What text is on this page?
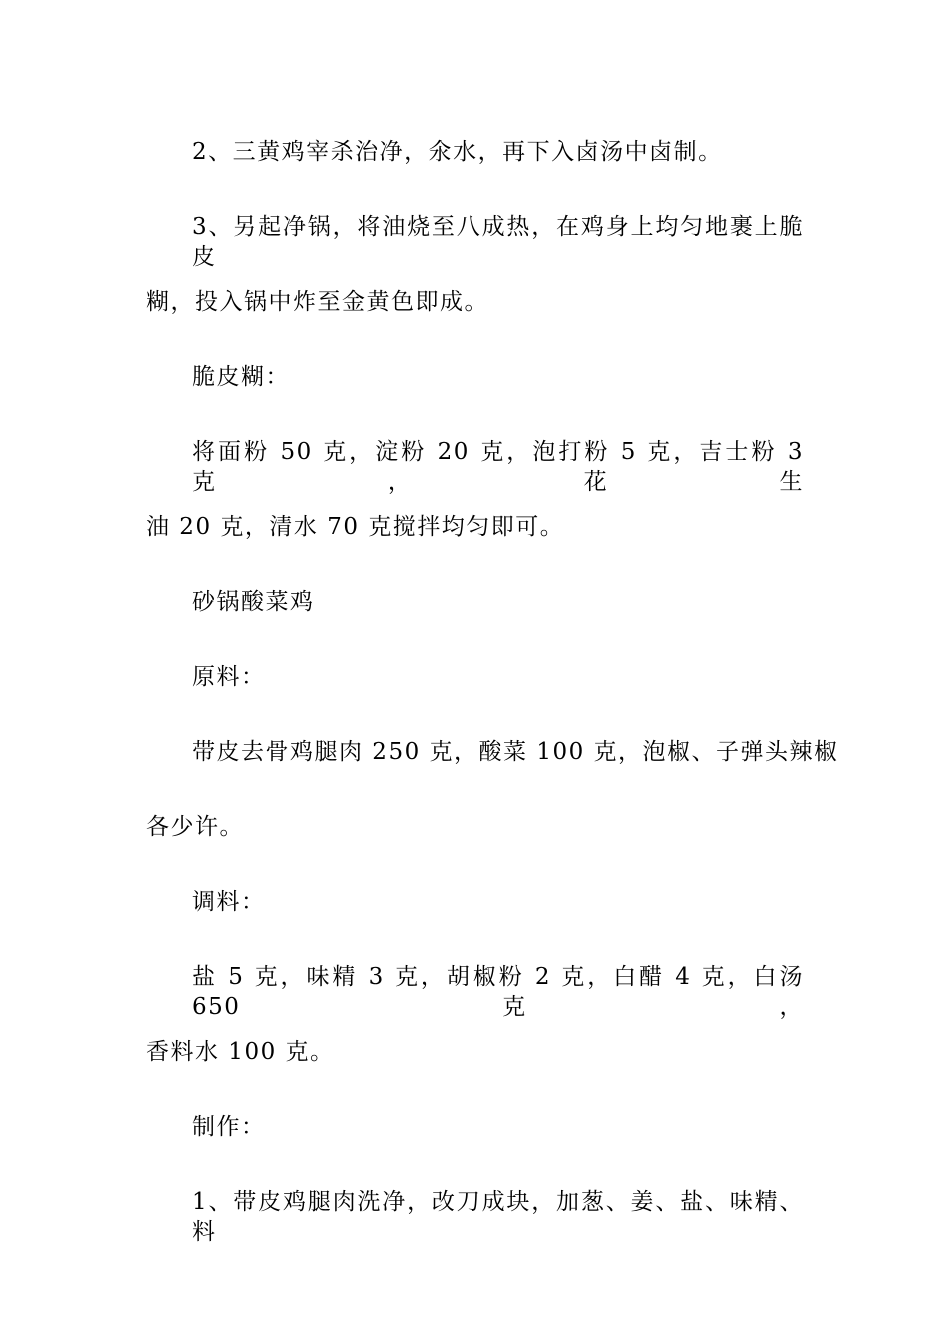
2、三黄鸡宰杀治净，氽水，再下入卤汤中卤制。
3、另起净锅，将油烧至八成热，在鸡身上均匀地裹上脆皮
糊，投入锅中炸至金黄色即成。
脆皮糊：
将面粉 50 克，淀粉 20 克，泡打粉 5 克，吉士粉 3 克，花生
油 20 克，清水 70 克搅拌均匀即可。
砂锅酸菜鸡
原料：
带皮去骨鸡腿肉 250 克，酸菜 100 克，泡椒、子弹头辣椒
各少许。
调料：
盐 5 克，味精 3 克，胡椒粉 2 克，白醋 4 克，白汤 650 克，
香料水 100 克。
制作：
1、带皮鸡腿肉洗净，改刀成块，加葱、姜、盐、味精、料
